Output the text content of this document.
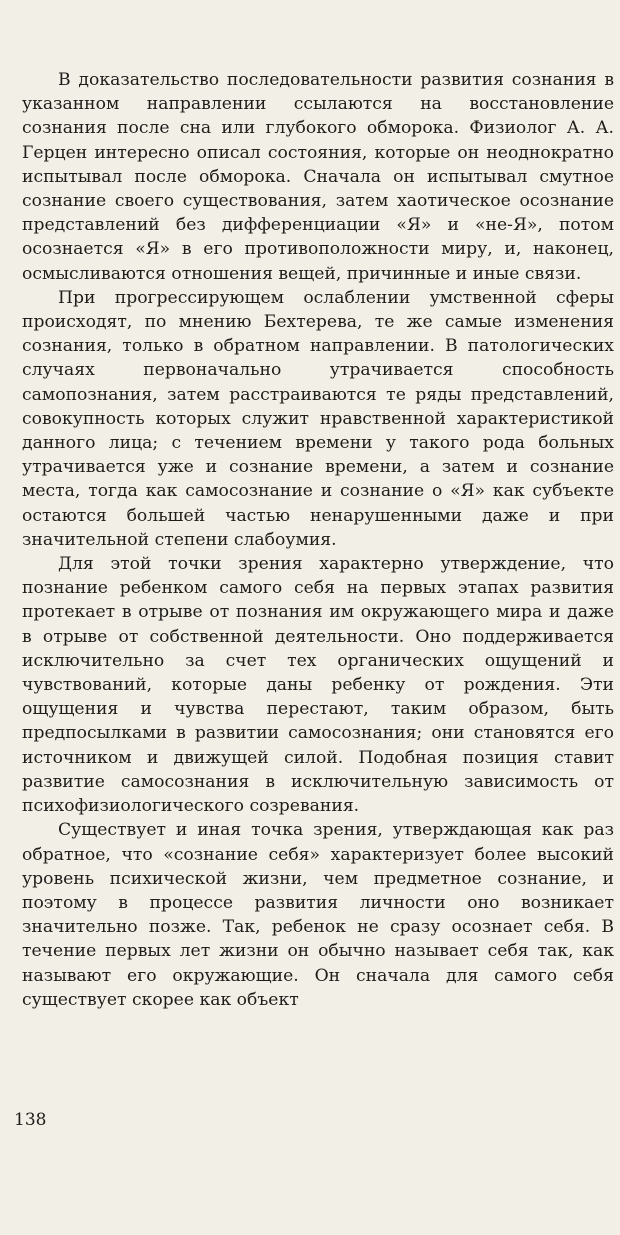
В доказательство последовательности развития сознания в указанном направлении ссылаются на восстановление сознания после сна или глубокого обморока. Физиолог А. А. Герцен интересно описал состояния, которые он неоднократно испытывал после обморока. Сначала он испытывал смутное сознание своего существования, затем хаотическое осознание представлений без дифференциации «Я» и «не-Я», потом осознается «Я» в его противоположности миру, и, наконец, осмысливаются отношения вещей, причинные и иные связи.

При прогрессирующем ослаблении умственной сферы происходят, по мнению Бехтерева, те же самые изменения сознания, только в обратном направлении. В патологических случаях первоначально утрачивается способность самопознания, затем расстраиваются те ряды представлений, совокупность которых служит нравственной характеристикой данного лица; с течением времени у такого рода больных утрачивается уже и сознание времени, а затем и сознание места, тогда как самосознание и сознание о «Я» как субъекте остаются большей частью ненарушенными даже и при значительной степени слабоумия.

Для этой точки зрения характерно утверждение, что познание ребенком самого себя на первых этапах развития протекает в отрыве от познания им окружающего мира и даже в отрыве от собственной деятельности. Оно поддерживается исключительно за счет тех органических ощущений и чувствований, которые даны ребенку от рождения. Эти ощущения и чувства перестают, таким образом, быть предпосылками в развитии самосознания; они становятся его источником и движущей силой. Подобная позиция ставит развитие самосознания в исключительную зависимость от психофизиологического созревания.

Существует и иная точка зрения, утверждающая как раз обратное, что «сознание себя» характеризует более высокий уровень психической жизни, чем предметное сознание, и поэтому в процессе развития личности оно возникает значительно позже. Так, ребенок не сразу осознает себя. В течение первых лет жизни он обычно называет себя так, как называют его окружающие. Он сначала для самого себя существует скорее как объект

138
